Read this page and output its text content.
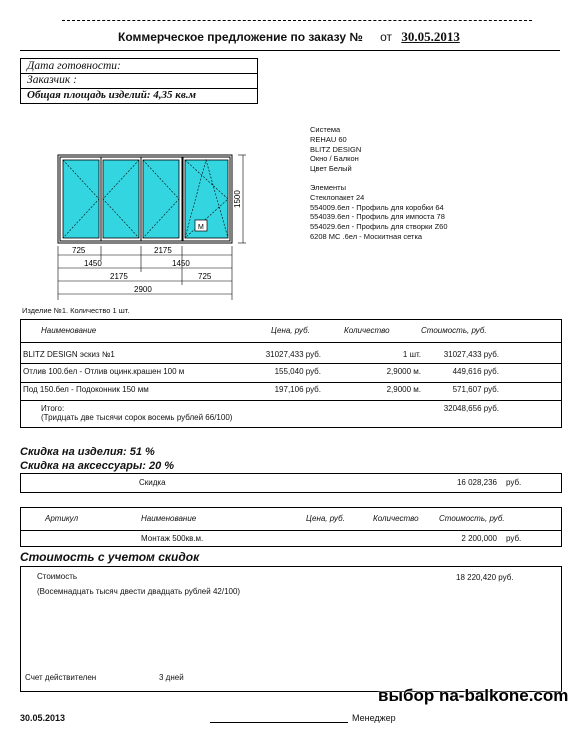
Коммерческое предложение по заказу № от 30.05.2013
Дата готовности:
Заказчик :
Общая площадь изделий: 4,35 кв.м
Система
REHAU 60
BLITZ DESIGN
Окно / Балкон
Цвет Белый
Элементы
Стеклопакет 24
554009.6ел - Профиль для коробки 64
554039.6ел - Профиль для импоста 78
554029.6ел - Профиль для створки Z60
6208 МС .6ел - Москитная сетка
M
1500
725	2175
1450	1450
2175	725
2900
Изделие №1. Количество 1 шт.
Наименование	Цена, руб.	Количество	Стоимость, руб.
BLITZ DESIGN эскиз №1	31027,433 руб.	1 шт.	31027,433 руб.
Отлив 100.бел - Отлив оцинк.крашен 100 м	155,040 руб.	2,9000 м.	449,616 руб.
Под 150.бел - Подоконник 150 мм	197,106 руб.	2,9000 м.	571,607 руб.
Итого:	32048,656 руб.
(Тридцать две тысячи сорок восемь рублей 66/100)
Скидка на изделия: 51 %
Скидка на аксессуары: 20 %
Скидка	16 028,236 руб.
Артикул	Наименование	Цена, руб.	Количество	Стоимость, руб.
Монтаж 500кв.м.	2 200,000 руб.
Стоимость с учетом скидок
Стоимость	18 220,420 руб.
(Восемнадцать тысяч двести двадцать рублей 42/100)
Счет действителен	3 дней
выбор na-balkone.com
30.05.2013	Менеджер
